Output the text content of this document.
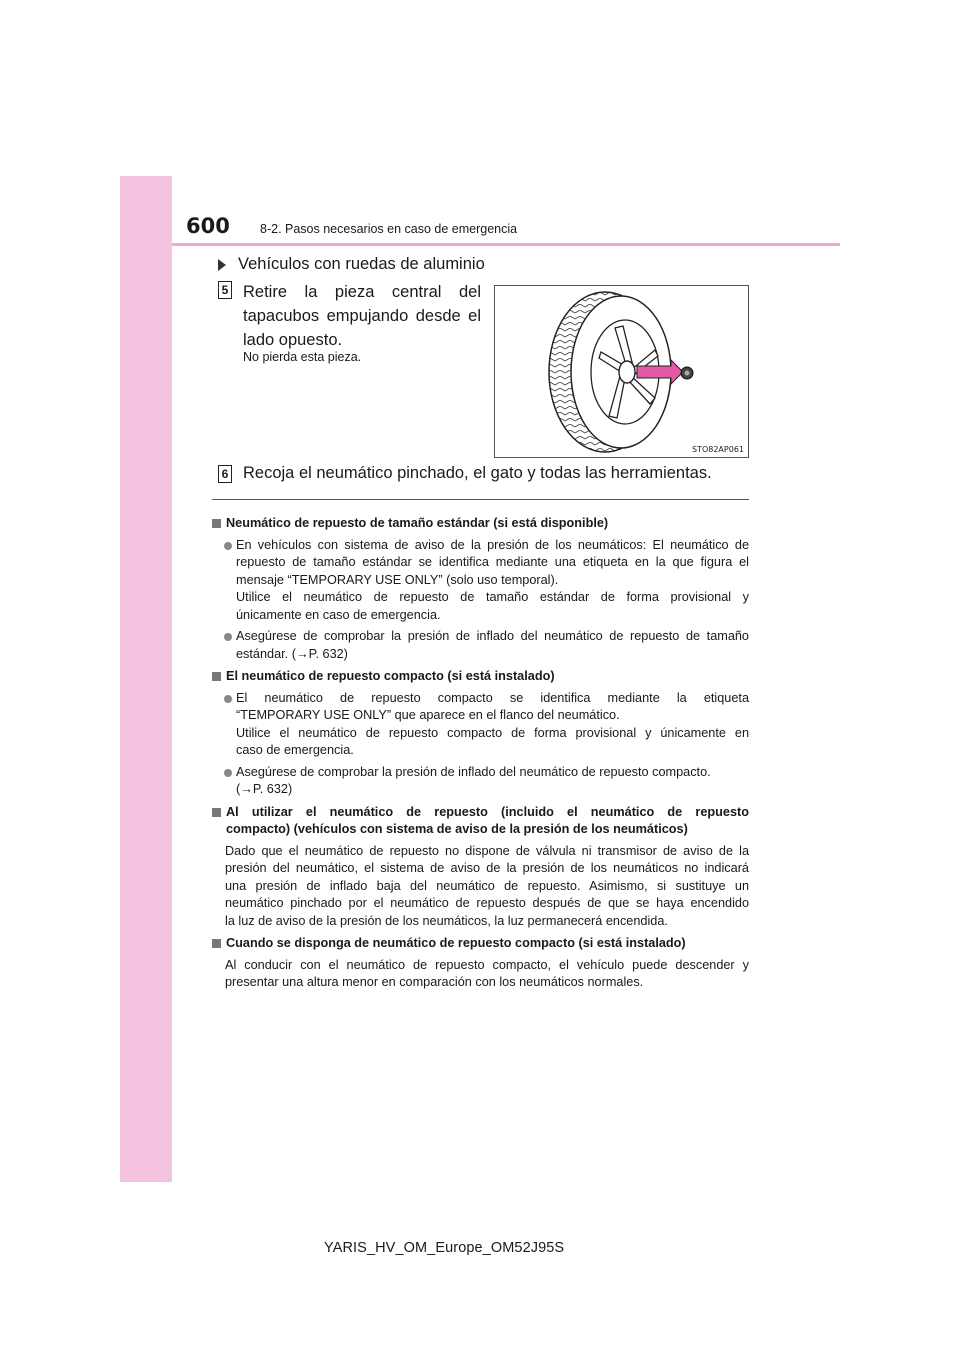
600 8-2. Pasos necesarios en caso de emergencia
Vehículos con ruedas de aluminio
5 Retire la pieza central del tapacubos empujando desde el lado opuesto.
No pierda esta pieza.
STO82AP061
6 Recoja el neumático pinchado, el gato y todas las herramientas.
Neumático de repuesto de tamaño estándar (si está disponible)
En vehículos con sistema de aviso de la presión de los neumáticos: El neumático de
repuesto de tamaño estándar se identifica mediante una etiqueta en la que figura el
mensaje “TEMPORARY USE ONLY” (solo uso temporal).
Utilice el neumático de repuesto de tamaño estándar de forma provisional y
únicamente en caso de emergencia.
Asegúrese de comprobar la presión de inflado del neumático de repuesto de tamaño
estándar. (→P. 632)
El neumático de repuesto compacto (si está instalado)
El neumático de repuesto compacto se identifica mediante la etiqueta
“TEMPORARY USE ONLY” que aparece en el flanco del neumático.
Utilice el neumático de repuesto compacto de forma provisional y únicamente en
caso de emergencia.
Asegúrese de comprobar la presión de inflado del neumático de repuesto compacto.
(→P. 632)
Al utilizar el neumático de repuesto (incluido el neumático de repuesto
compacto) (vehículos con sistema de aviso de la presión de los neumáticos)
Dado que el neumático de repuesto no dispone de válvula ni transmisor de aviso de la
presión del neumático, el sistema de aviso de la presión de los neumáticos no indicará
una presión de inflado baja del neumático de repuesto. Asimismo, si sustituye un
neumático pinchado por el neumático de repuesto después de que se haya encendido
la luz de aviso de la presión de los neumáticos, la luz permanecerá encendida.
Cuando se disponga de neumático de repuesto compacto (si está instalado)
Al conducir con el neumático de repuesto compacto, el vehículo puede descender y
presentar una altura menor en comparación con los neumáticos normales.
YARIS_HV_OM_Europe_OM52J95S
